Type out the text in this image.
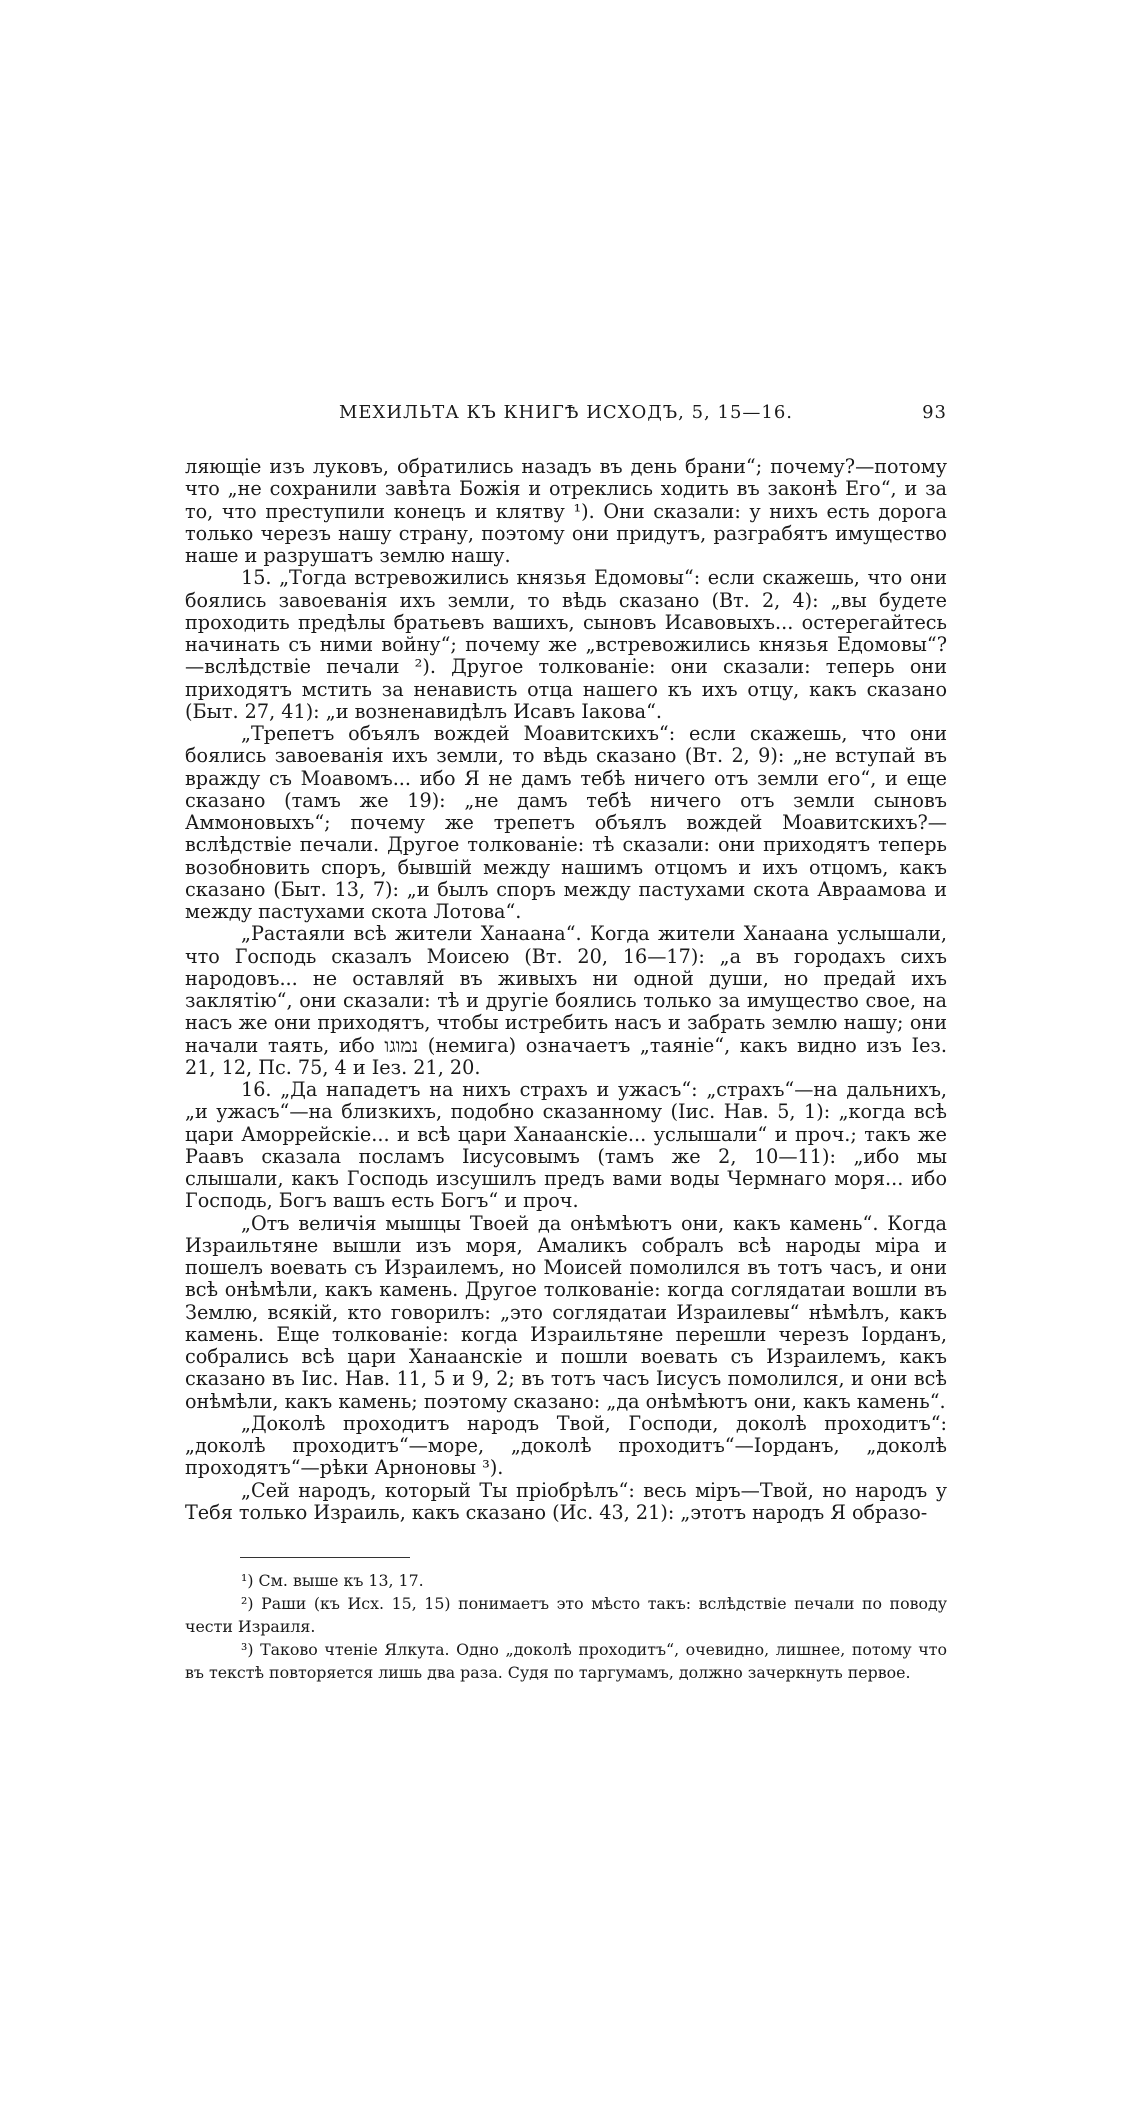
МЕХИЛЬТА КЪ КНИГѢ ИСХОДЪ, 5, 15—16.	93

ляющіе изъ луковъ, обратились назадъ въ день брани“; почему?—потому что „не сохранили завѣта Божія и отреклись ходить въ законѣ Его“, и за то, что преступили конецъ и клятву ¹). Они сказали: у нихъ есть дорога только черезъ нашу страну, поэтому они придутъ, разграбятъ имущество наше и разрушатъ землю нашу.

15. „Тогда встревожились князья Едомовы“: если скажешь, что они боялись завоеванія ихъ земли, то вѣдь сказано (Вт. 2, 4): „вы будете проходить предѣлы братьевъ вашихъ, сыновъ Исавовыхъ... остерегайтесь начинать съ ними войну“; почему же „встревожились князья Едомовы“?—вслѣдствіе печали ²). Другое толкованіе: они сказали: теперь они приходятъ мстить за ненависть отца нашего къ ихъ отцу, какъ сказано (Быт. 27, 41): „и возненавидѣлъ Исавъ Іакова“.

„Трепетъ объялъ вождей Моавитскихъ“: если скажешь, что они боялись завоеванія ихъ земли, то вѣдь сказано (Вт. 2, 9): „не вступай въ вражду съ Моавомъ... ибо Я не дамъ тебѣ ничего отъ земли его“, и еще сказано (тамъ же 19): „не дамъ тебѣ ничего отъ земли сыновъ Аммоновыхъ“; почему же трепетъ объялъ вождей Моавитскихъ?—вслѣдствіе печали. Другое толкованіе: тѣ сказали: они приходятъ теперь возобновить споръ, бывшій между нашимъ отцомъ и ихъ отцомъ, какъ сказано (Быт. 13, 7): „и былъ споръ между пастухами скота Авраамова и между пастухами скота Лотова“.

„Растаяли всѣ жители Ханаана“. Когда жители Ханаана услышали, что Господь сказалъ Моисею (Вт. 20, 16—17): „а въ городахъ сихъ народовъ... не оставляй въ живыхъ ни одной души, но предай ихъ заклятію“, они сказали: тѣ и другіе боялись только за имущество свое, на насъ же они приходятъ, чтобы истребить насъ и забрать землю нашу; они начали таять, ибо נמוגו (немига) означаетъ „таяніе“, какъ видно изъ Іез. 21, 12, Пс. 75, 4 и Іез. 21, 20.

16. „Да нападетъ на нихъ страхъ и ужасъ“: „страхъ“—на дальнихъ, „и ужасъ“—на близкихъ, подобно сказанному (Іис. Нав. 5, 1): „когда всѣ цари Аморрейскіе... и всѣ цари Ханаанскіе... услышали“ и проч.; такъ же Раавъ сказала посламъ Іисусовымъ (тамъ же 2, 10—11): „ибо мы слышали, какъ Господь изсушилъ предъ вами воды Чермнаго моря... ибо Господь, Богъ вашъ есть Богъ“ и проч.

„Отъ величія мышцы Твоей да онѣмѣютъ они, какъ камень“. Когда Израильтяне вышли изъ моря, Амаликъ собралъ всѣ народы міра и пошелъ воевать съ Израилемъ, но Моисей помолился въ тотъ часъ, и они всѣ онѣмѣли, какъ камень. Другое толкованіе: когда соглядатаи вошли въ Землю, всякій, кто говорилъ: „это соглядатаи Израилевы“ нѣмѣлъ, какъ камень. Еще толкованіе: когда Израильтяне перешли черезъ Іорданъ, собрались всѣ цари Ханаанскіе и пошли воевать съ Израилемъ, какъ сказано въ Іис. Нав. 11, 5 и 9, 2; въ тотъ часъ Іисусъ помолился, и они всѣ онѣмѣли, какъ камень; поэтому сказано: „да онѣмѣютъ они, какъ камень“.

„Доколѣ проходитъ народъ Твой, Господи, доколѣ проходитъ“: „доколѣ проходитъ“—море, „доколѣ проходитъ“—Іорданъ, „доколѣ проходятъ“—рѣки Арноновы ³).

„Сей народъ, который Ты пріобрѣлъ“: весь міръ—Твой, но народъ у Тебя только Израиль, какъ сказано (Ис. 43, 21): „этотъ народъ Я образо-

¹) См. выше къ 13, 17.

²) Раши (къ Исх. 15, 15) понимаетъ это мѣсто такъ: вслѣдствіе печали по поводу чести Израиля.

³) Таково чтеніе Ялкута. Одно „доколѣ проходитъ“, очевидно, лишнее, потому что въ текстѣ повторяется лишь два раза. Судя по таргумамъ, должно зачеркнуть первое.
